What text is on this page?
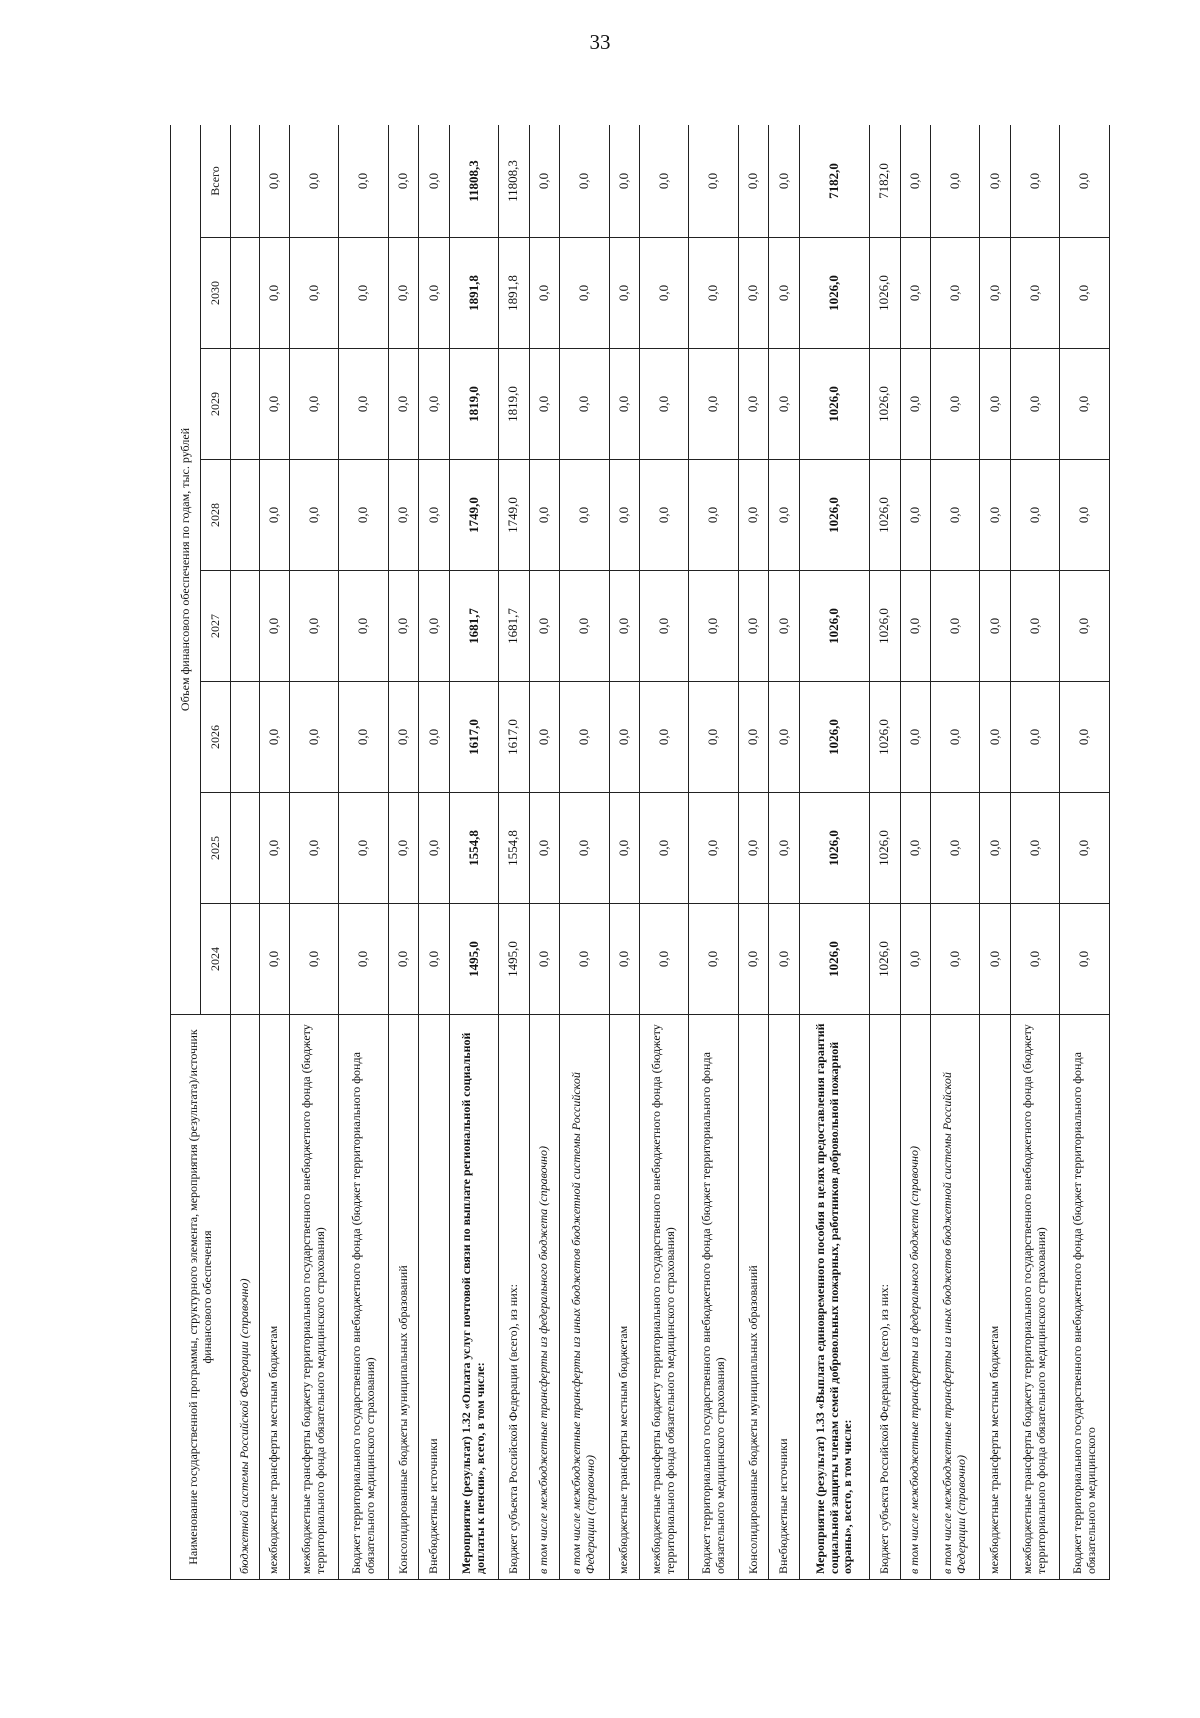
33
Наименование государственной программы, структурного элемента, мероприятия (результата)/источник финансового обеспечения	Объем финансового обеспечения по годам, тыс. рублей							
	2024	2025	2026	2027	2028	2029	2030	Всего
бюджетной системы Российской Федерации (справочно)								
межбюджетные трансферты местным бюджетам	0,0	0,0	0,0	0,0	0,0	0,0	0,0	0,0
межбюджетные трансферты бюджету территориального государственного внебюджетного фонда (бюджету территориального фонда обязательного медицинского страхования)	0,0	0,0	0,0	0,0	0,0	0,0	0,0	0,0
Бюджет территориального государственного внебюджетного фонда (бюджет территориального фонда обязательного медицинского страхования)	0,0	0,0	0,0	0,0	0,0	0,0	0,0	0,0
Консолидированные бюджеты муниципальных образований	0,0	0,0	0,0	0,0	0,0	0,0	0,0	0,0
Внебюджетные источники	0,0	0,0	0,0	0,0	0,0	0,0	0,0	0,0
Мероприятие (результат) 1.32 «Оплата услуг почтовой связи по выплате региональной социальной доплаты к пенсии», всего, в том числе:	1495,0	1554,8	1617,0	1681,7	1749,0	1819,0	1891,8	11808,3
Бюджет субъекта Российской Федерации (всего), из них:	1495,0	1554,8	1617,0	1681,7	1749,0	1819,0	1891,8	11808,3
в том числе межбюджетные трансферты из федерального бюджета (справочно)	0,0	0,0	0,0	0,0	0,0	0,0	0,0	0,0
в том числе межбюджетные трансферты из иных бюджетов бюджетной системы Российской Федерации (справочно)	0,0	0,0	0,0	0,0	0,0	0,0	0,0	0,0
межбюджетные трансферты местным бюджетам	0,0	0,0	0,0	0,0	0,0	0,0	0,0	0,0
межбюджетные трансферты бюджету территориального государственного внебюджетного фонда (бюджету территориального фонда обязательного медицинского страхования)	0,0	0,0	0,0	0,0	0,0	0,0	0,0	0,0
Бюджет территориального государственного внебюджетного фонда (бюджет территориального фонда обязательного медицинского страхования)	0,0	0,0	0,0	0,0	0,0	0,0	0,0	0,0
Консолидированные бюджеты муниципальных образований	0,0	0,0	0,0	0,0	0,0	0,0	0,0	0,0
Внебюджетные источники	0,0	0,0	0,0	0,0	0,0	0,0	0,0	0,0
Мероприятие (результат) 1.33 «Выплата единовременного пособия в целях предоставления гарантий социальной защиты членам семей добровольных пожарных, работников добровольной пожарной охраны», всего, в том числе:	1026,0	1026,0	1026,0	1026,0	1026,0	1026,0	1026,0	7182,0
Бюджет субъекта Российской Федерации (всего), из них:	1026,0	1026,0	1026,0	1026,0	1026,0	1026,0	1026,0	7182,0
в том числе межбюджетные трансферты из федерального бюджета (справочно)	0,0	0,0	0,0	0,0	0,0	0,0	0,0	0,0
в том числе межбюджетные трансферты из иных бюджетов бюджетной системы Российской Федерации (справочно)	0,0	0,0	0,0	0,0	0,0	0,0	0,0	0,0
межбюджетные трансферты местным бюджетам	0,0	0,0	0,0	0,0	0,0	0,0	0,0	0,0
межбюджетные трансферты бюджету территориального государственного внебюджетного фонда (бюджету территориального фонда обязательного медицинского страхования)	0,0	0,0	0,0	0,0	0,0	0,0	0,0	0,0
Бюджет территориального государственного внебюджетного фонда (бюджет территориального фонда обязательного медицинского	0,0	0,0	0,0	0,0	0,0	0,0	0,0	0,0
